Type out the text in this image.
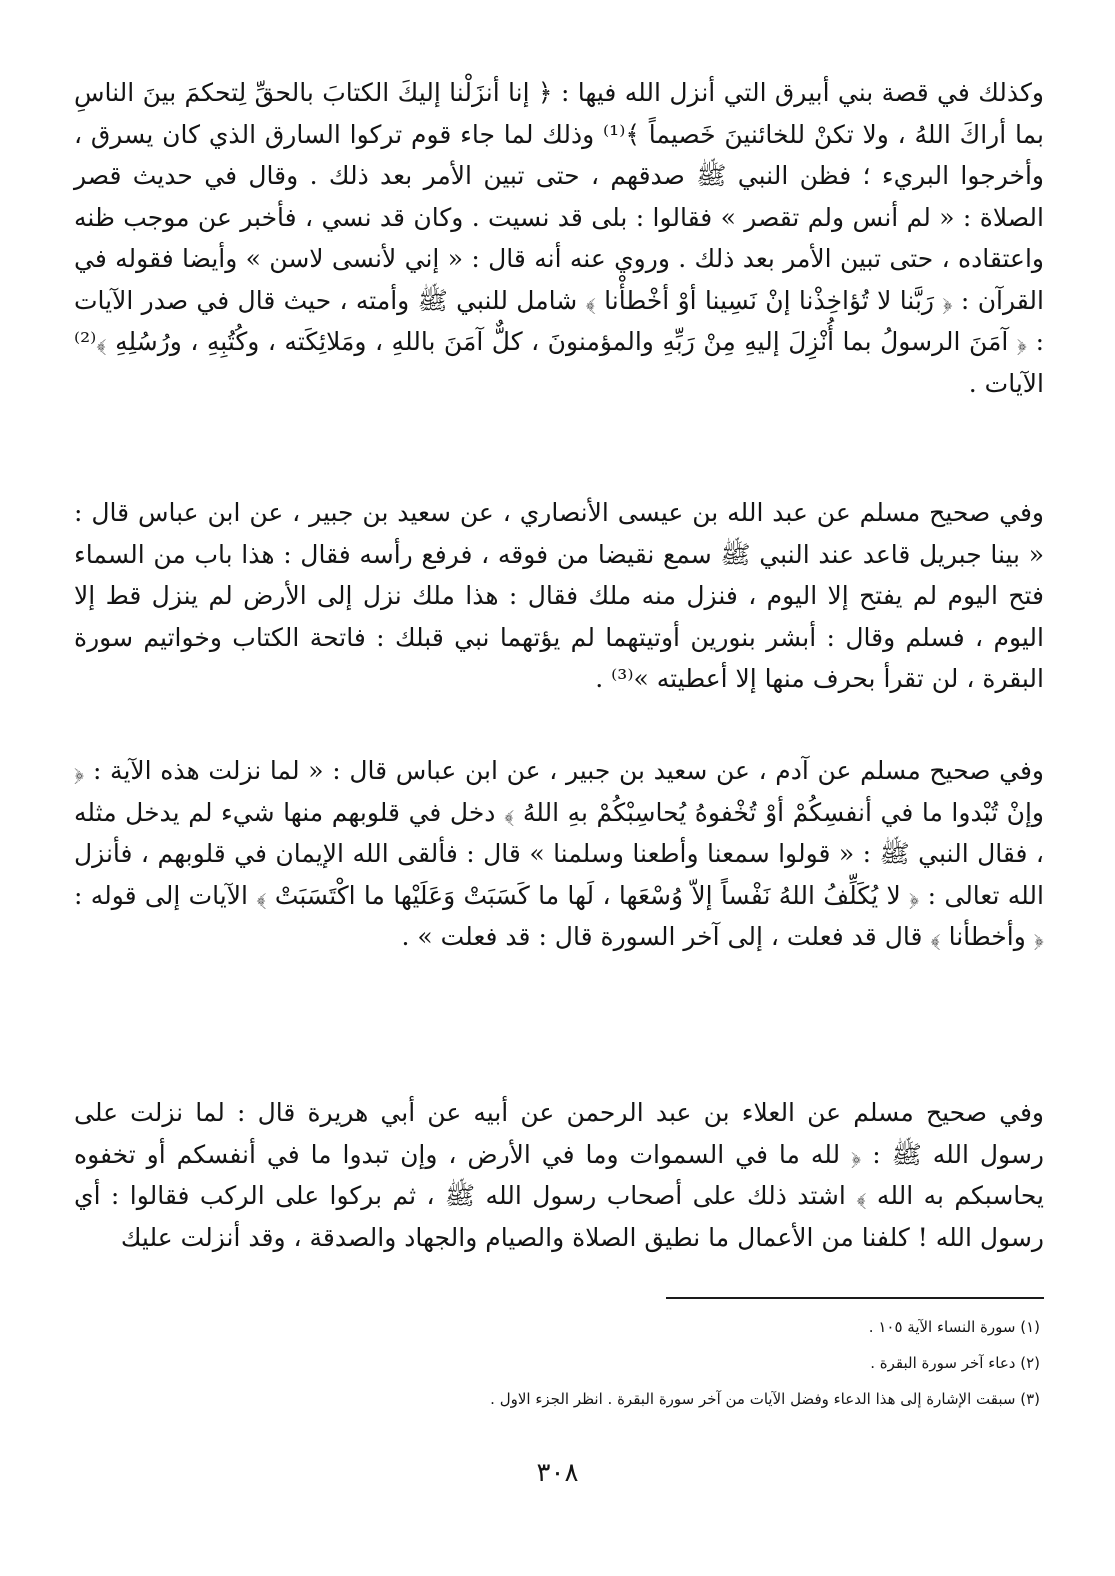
وكذلك في قصة بني أبيرق التي أنزل الله فيها : ﴿ إنا أنزَلْنا إليكَ الكتابَ بالحقِّ لِتحكمَ بينَ الناسِ بما أراكَ اللهُ ، ولا تكنْ للخائنينَ خَصيماً ﴾⁽¹⁾ وذلك لما جاء قوم تركوا السارق الذي كان يسرق ، وأخرجوا البريء ؛ فظن النبي ﷺ صدقهم ، حتى تبين الأمر بعد ذلك . وقال في حديث قصر الصلاة : « لم أنس ولم تقصر » فقالوا : بلى قد نسيت . وكان قد نسي ، فأخبر عن موجب ظنه واعتقاده ، حتى تبين الأمر بعد ذلك . وروي عنه أنه قال : « إني لأنسى لاسن » وأيضا فقوله في القرآن : ﴿ رَبَّنا لا تُؤاخِذْنا إنْ نَسِينا أوْ أخْطأْنا ﴾ شامل للنبي ﷺ وأمته ، حيث قال في صدر الآيات : ﴿ آمَنَ الرسولُ بما أُنْزِلَ إليهِ مِنْ رَبِّهِ والمؤمنونَ ، كلٌّ آمَنَ باللهِ ، ومَلائِكَته ، وكُتُبِهِ ، ورُسُلِهِ ﴾⁽²⁾ الآيات .
وفي صحيح مسلم عن عبد الله بن عيسى الأنصاري ، عن سعيد بن جبير ، عن ابن عباس قال : « بينا جبريل قاعد عند النبي ﷺ سمع نقيضا من فوقه ، فرفع رأسه فقال : هذا باب من السماء فتح اليوم لم يفتح إلا اليوم ، فنزل منه ملك فقال : هذا ملك نزل إلى الأرض لم ينزل قط إلا اليوم ، فسلم وقال : أبشر بنورين أوتيتهما لم يؤتهما نبي قبلك : فاتحة الكتاب وخواتيم سورة البقرة ، لن تقرأ بحرف منها إلا أعطيته »⁽³⁾ .
وفي صحيح مسلم عن آدم ، عن سعيد بن جبير ، عن ابن عباس قال : « لما نزلت هذه الآية : ﴿ وإنْ تُبْدوا ما في أنفسِكُمْ أوْ تُخْفوهُ يُحاسِبْكُمْ بهِ اللهُ ﴾ دخل في قلوبهم منها شيء لم يدخل مثله ، فقال النبي ﷺ : « قولوا سمعنا وأطعنا وسلمنا » قال : فألقى الله الإيمان في قلوبهم ، فأنزل الله تعالى : ﴿ لا يُكَلِّفُ اللهُ نَفْساً إلاّ وُسْعَها ، لَها ما كَسَبَتْ وَعَلَيْها ما اكْتَسَبَتْ ﴾ الآيات إلى قوله : ﴿ وأخطأنا ﴾ قال قد فعلت ، إلى آخر السورة قال : قد فعلت » .
وفي صحيح مسلم عن العلاء بن عبد الرحمن عن أبيه عن أبي هريرة قال : لما نزلت على رسول الله ﷺ : ﴿ لله ما في السموات وما في الأرض ، وإن تبدوا ما في أنفسكم أو تخفوه يحاسبكم به الله ﴾ اشتد ذلك على أصحاب رسول الله ﷺ ، ثم بركوا على الركب فقالوا : أي رسول الله ! كلفنا من الأعمال ما نطيق الصلاة والصيام والجهاد والصدقة ، وقد أنزلت عليك
(١) سورة النساء الآية ١٠٥ .
(٢) دعاء آخر سورة البقرة .
(٣) سبقت الإشارة إلى هذا الدعاء وفضل الآيات من آخر سورة البقرة . انظر الجزء الاول .
٣٠٨
